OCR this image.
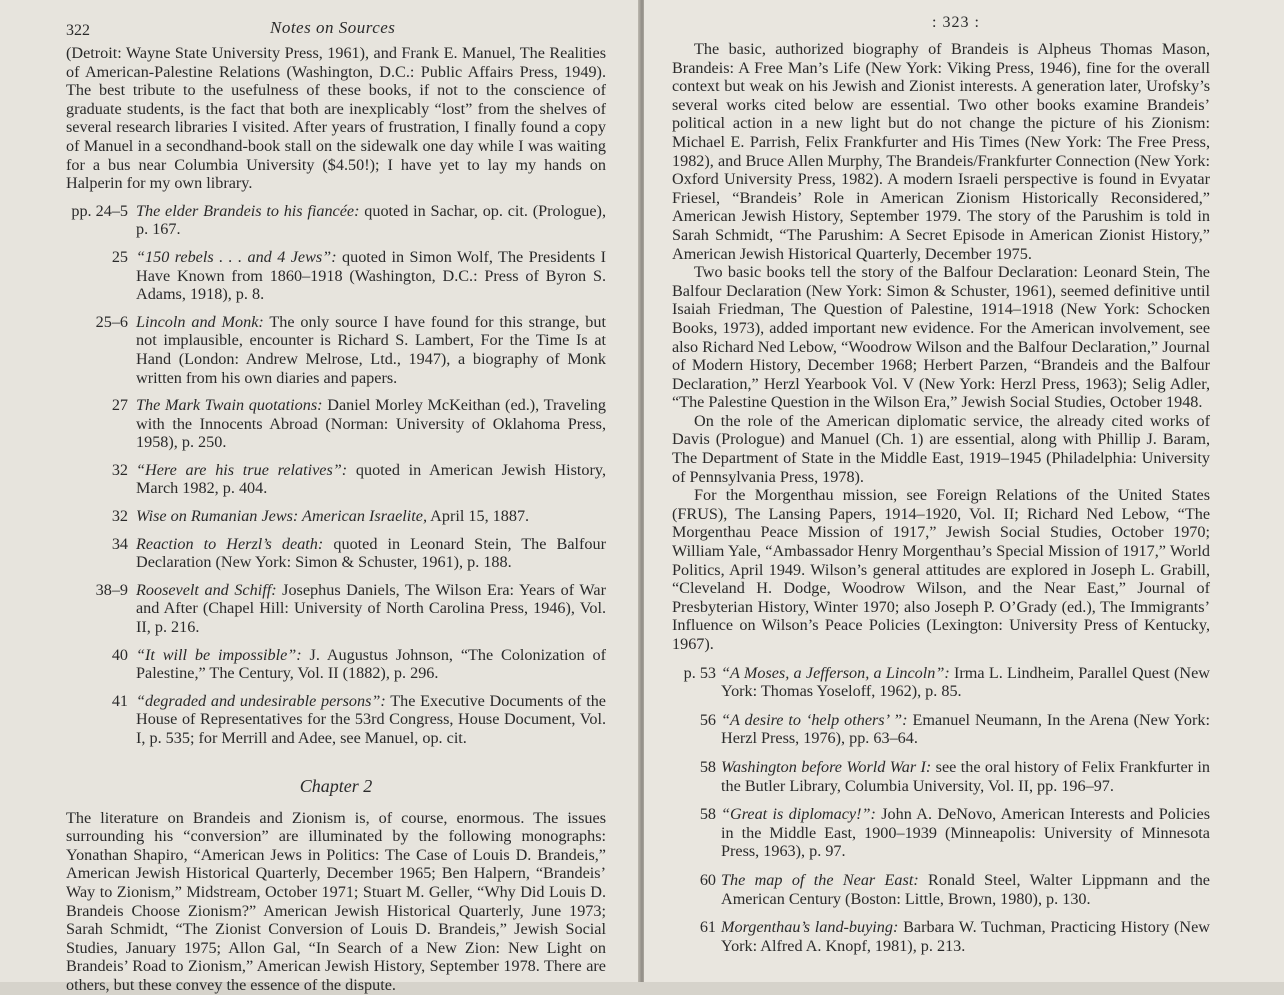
322	Notes on Sources

(Detroit: Wayne State University Press, 1961), and Frank E. Manuel, The Realities of American-Palestine Relations (Washington, D.C.: Public Affairs Press, 1949). The best tribute to the usefulness of these books, if not to the conscience of graduate students, is the fact that both are inexplicably “lost” from the shelves of several research libraries I visited. After years of frustration, I finally found a copy of Manuel in a secondhand-book stall on the sidewalk one day while I was waiting for a bus near Columbia University ($4.50!); I have yet to lay my hands on Halperin for my own library.

pp. 24–5 The elder Brandeis to his fiancée: quoted in Sachar, op. cit. (Prologue), p. 167.
25 “150 rebels . . . and 4 Jews”: quoted in Simon Wolf, The Presidents I Have Known from 1860–1918 (Washington, D.C.: Press of Byron S. Adams, 1918), p. 8.
25–6 Lincoln and Monk: The only source I have found for this strange, but not implausible, encounter is Richard S. Lambert, For the Time Is at Hand (London: Andrew Melrose, Ltd., 1947), a biography of Monk written from his own diaries and papers.
27 The Mark Twain quotations: Daniel Morley McKeithan (ed.), Traveling with the Innocents Abroad (Norman: University of Oklahoma Press, 1958), p. 250.
32 “Here are his true relatives”: quoted in American Jewish History, March 1982, p. 404.
32 Wise on Rumanian Jews: American Israelite, April 15, 1887.
34 Reaction to Herzl’s death: quoted in Leonard Stein, The Balfour Declaration (New York: Simon & Schuster, 1961), p. 188.
38–9 Roosevelt and Schiff: Josephus Daniels, The Wilson Era: Years of War and After (Chapel Hill: University of North Carolina Press, 1946), Vol. II, p. 216.
40 “It will be impossible”: J. Augustus Johnson, “The Colonization of Palestine,” The Century, Vol. II (1882), p. 296.
41 “degraded and undesirable persons”: The Executive Documents of the House of Representatives for the 53rd Congress, House Document, Vol. I, p. 535; for Merrill and Adee, see Manuel, op. cit.
Chapter 2

The literature on Brandeis and Zionism is, of course, enormous. The issues surrounding his “conversion” are illuminated by the following monographs: Yonathan Shapiro, “American Jews in Politics: The Case of Louis D. Brandeis,” American Jewish Historical Quarterly, December 1965; Ben Halpern, “Brandeis’ Way to Zionism,” Midstream, October 1971; Stuart M. Geller, “Why Did Louis D. Brandeis Choose Zionism?” American Jewish Historical Quarterly, June 1973; Sarah Schmidt, “The Zionist Conversion of Louis D. Brandeis,” Jewish Social Studies, January 1975; Allon Gal, “In Search of a New Zion: New Light on Brandeis’ Road to Zionism,” American Jewish History, September 1978. There are others, but these convey the essence of the dispute.

: 323 :

The basic, authorized biography of Brandeis is Alpheus Thomas Mason, Brandeis: A Free Man’s Life (New York: Viking Press, 1946), fine for the overall context but weak on his Jewish and Zionist interests. A generation later, Urofsky’s several works cited below are essential. Two other books examine Brandeis’ political action in a new light but do not change the picture of his Zionism: Michael E. Parrish, Felix Frankfurter and His Times (New York: The Free Press, 1982), and Bruce Allen Murphy, The Brandeis/Frankfurter Connection (New York: Oxford University Press, 1982). A modern Israeli perspective is found in Evyatar Friesel, “Brandeis’ Role in American Zionism Historically Reconsidered,” American Jewish History, September 1979. The story of the Parushim is told in Sarah Schmidt, “The Parushim: A Secret Episode in American Zionist History,” American Jewish Historical Quarterly, December 1975.

Two basic books tell the story of the Balfour Declaration: Leonard Stein, The Balfour Declaration (New York: Simon & Schuster, 1961), seemed definitive until Isaiah Friedman, The Question of Palestine, 1914–1918 (New York: Schocken Books, 1973), added important new evidence. For the American involvement, see also Richard Ned Lebow, “Woodrow Wilson and the Balfour Declaration,” Journal of Modern History, December 1968; Herbert Parzen, “Brandeis and the Balfour Declaration,” Herzl Yearbook Vol. V (New York: Herzl Press, 1963); Selig Adler, “The Palestine Question in the Wilson Era,” Jewish Social Studies, October 1948.

On the role of the American diplomatic service, the already cited works of Davis (Prologue) and Manuel (Ch. 1) are essential, along with Phillip J. Baram, The Department of State in the Middle East, 1919–1945 (Philadelphia: University of Pennsylvania Press, 1978).

For the Morgenthau mission, see Foreign Relations of the United States (FRUS), The Lansing Papers, 1914–1920, Vol. II; Richard Ned Lebow, “The Morgenthau Peace Mission of 1917,” Jewish Social Studies, October 1970; William Yale, “Ambassador Henry Morgenthau’s Special Mission of 1917,” World Politics, April 1949. Wilson’s general attitudes are explored in Joseph L. Grabill, “Cleveland H. Dodge, Woodrow Wilson, and the Near East,” Journal of Presbyterian History, Winter 1970; also Joseph P. O’Grady (ed.), The Immigrants’ Influence on Wilson’s Peace Policies (Lexington: University Press of Kentucky, 1967).

p. 53 “A Moses, a Jefferson, a Lincoln”: Irma L. Lindheim, Parallel Quest (New York: Thomas Yoseloff, 1962), p. 85.
56 “A desire to ‘help others’ ”: Emanuel Neumann, In the Arena (New York: Herzl Press, 1976), pp. 63–64.
58 Washington before World War I: see the oral history of Felix Frankfurter in the Butler Library, Columbia University, Vol. II, pp. 196–97.
58 “Great is diplomacy!”: John A. DeNovo, American Interests and Policies in the Middle East, 1900–1939 (Minneapolis: University of Minnesota Press, 1963), p. 97.
60 The map of the Near East: Ronald Steel, Walter Lippmann and the American Century (Boston: Little, Brown, 1980), p. 130.
61 Morgenthau’s land-buying: Barbara W. Tuchman, Practicing History (New York: Alfred A. Knopf, 1981), p. 213.
